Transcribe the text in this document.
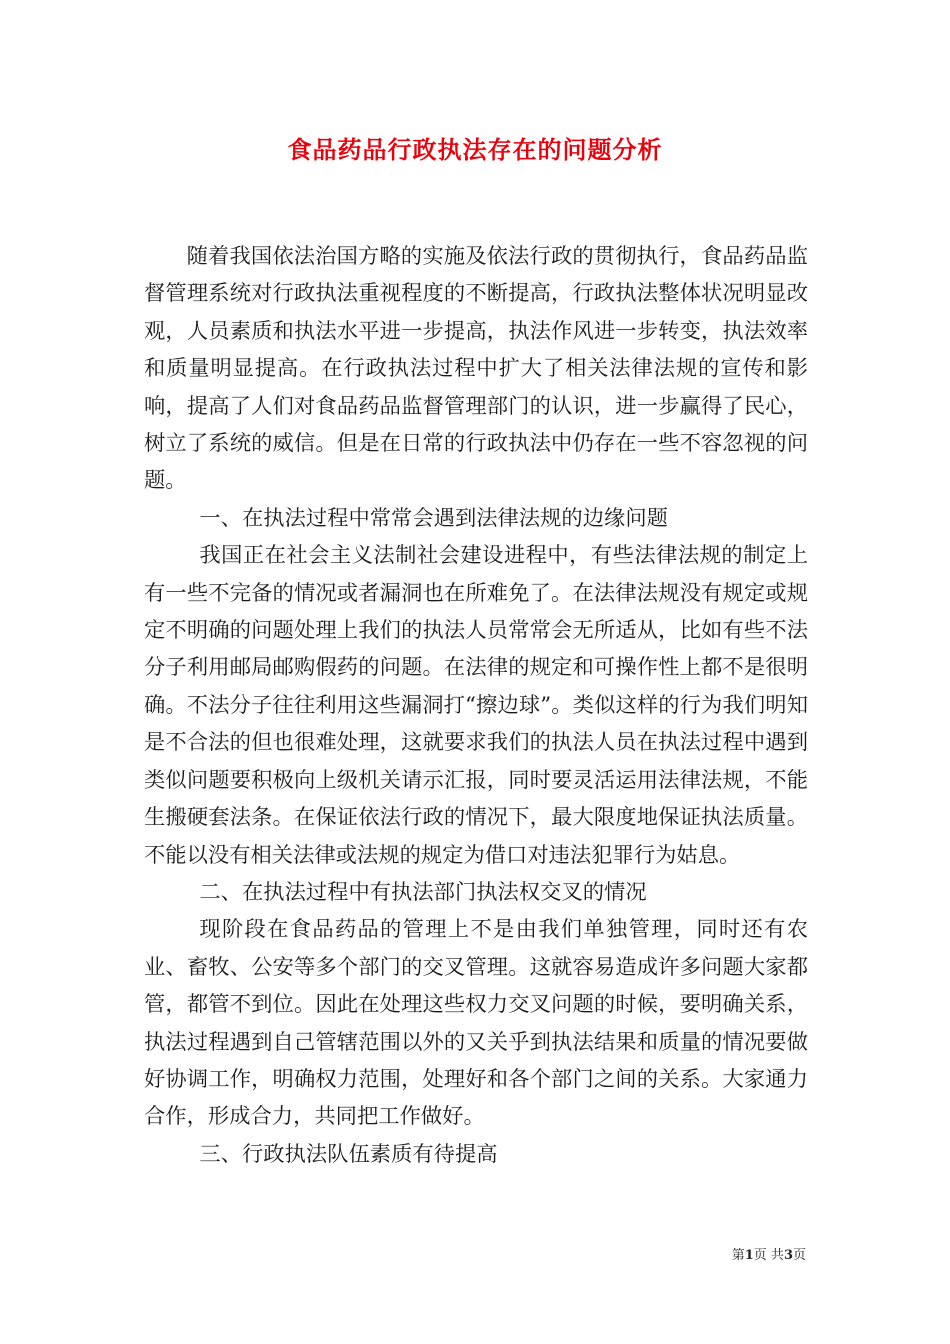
食品药品行政执法存在的问题分析

随着我国依法治国方略的实施及依法行政的贯彻执行，食品药品监督管理系统对行政执法重视程度的不断提高，行政执法整体状况明显改观，人员素质和执法水平进一步提高，执法作风进一步转变，执法效率和质量明显提高。在行政执法过程中扩大了相关法律法规的宣传和影响，提高了人们对食品药品监督管理部门的认识，进一步赢得了民心，树立了系统的威信。但是在日常的行政执法中仍存在一些不容忽视的问题。

一、在执法过程中常常会遇到法律法规的边缘问题

我国正在社会主义法制社会建设进程中，有些法律法规的制定上有一些不完备的情况或者漏洞也在所难免了。在法律法规没有规定或规定不明确的问题处理上我们的执法人员常常会无所适从，比如有些不法分子利用邮局邮购假药的问题。在法律的规定和可操作性上都不是很明确。不法分子往往利用这些漏洞打“擦边球”。类似这样的行为我们明知是不合法的但也很难处理，这就要求我们的执法人员在执法过程中遇到类似问题要积极向上级机关请示汇报，同时要灵活运用法律法规，不能生搬硬套法条。在保证依法行政的情况下，最大限度地保证执法质量。不能以没有相关法律或法规的规定为借口对违法犯罪行为姑息。

二、在执法过程中有执法部门执法权交叉的情况

现阶段在食品药品的管理上不是由我们单独管理，同时还有农业、畜牧、公安等多个部门的交叉管理。这就容易造成许多问题大家都管，都管不到位。因此在处理这些权力交叉问题的时候，要明确关系，执法过程遇到自己管辖范围以外的又关乎到执法结果和质量的情况要做好协调工作，明确权力范围，处理好和各个部门之间的关系。大家通力合作，形成合力，共同把工作做好。

三、行政执法队伍素质有待提高

第1页 共3页
